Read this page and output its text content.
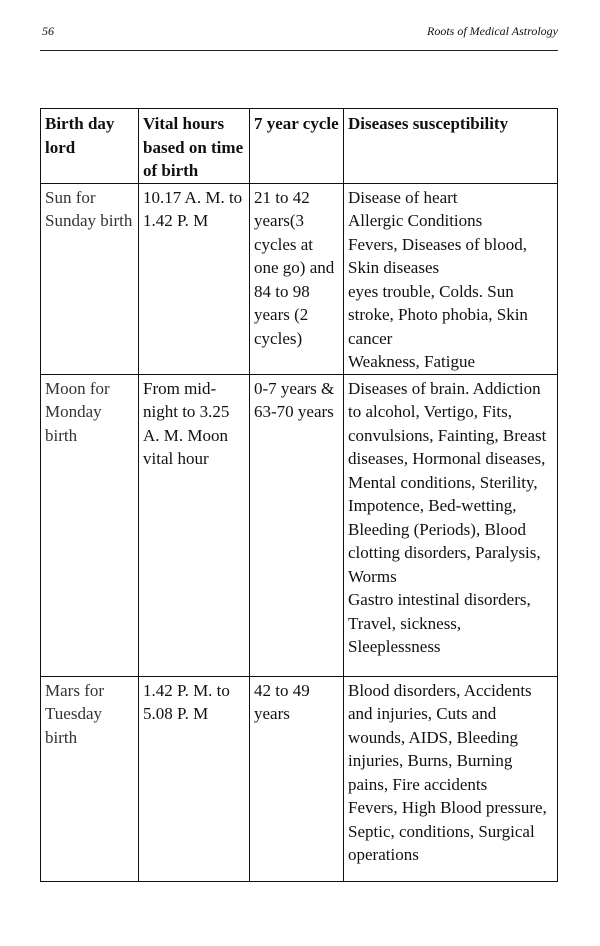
56	Roots of Medical Astrology
Birth day lord	Vital hours based on time of birth	7 year cycle	Diseases susceptibility
Sun for Sunday birth	10.17 A. M. to 1.42 P. M	21 to 42 years(3 cycles at one go) and 84 to 98 years (2 cycles)	Disease of heart
Allergic Conditions
Fevers, Diseases of blood, Skin diseases
eyes trouble, Colds. Sun stroke, Photo phobia, Skin cancer
Weakness, Fatigue

Moon for Monday birth	From mid-night to 3.25 A. M. Moon vital hour	0-7 years & 63-70 years	Diseases of brain. Addiction to alcohol, Vertigo, Fits, convulsions, Fainting, Breast diseases, Hormonal diseases, Mental conditions, Sterility, Impotence, Bed-wetting, Bleeding (Periods), Blood clotting disorders, Paralysis, Worms
Gastro intestinal disorders, Travel, sickness, Sleeplessness

Mars for Tuesday birth	1.42 P. M. to 5.08 P. M	42 to 49 years	Blood disorders, Accidents and injuries, Cuts and wounds, AIDS, Bleeding injuries, Burns, Burning pains, Fire accidents
Fevers, High Blood pressure, Septic, conditions, Surgical operations
